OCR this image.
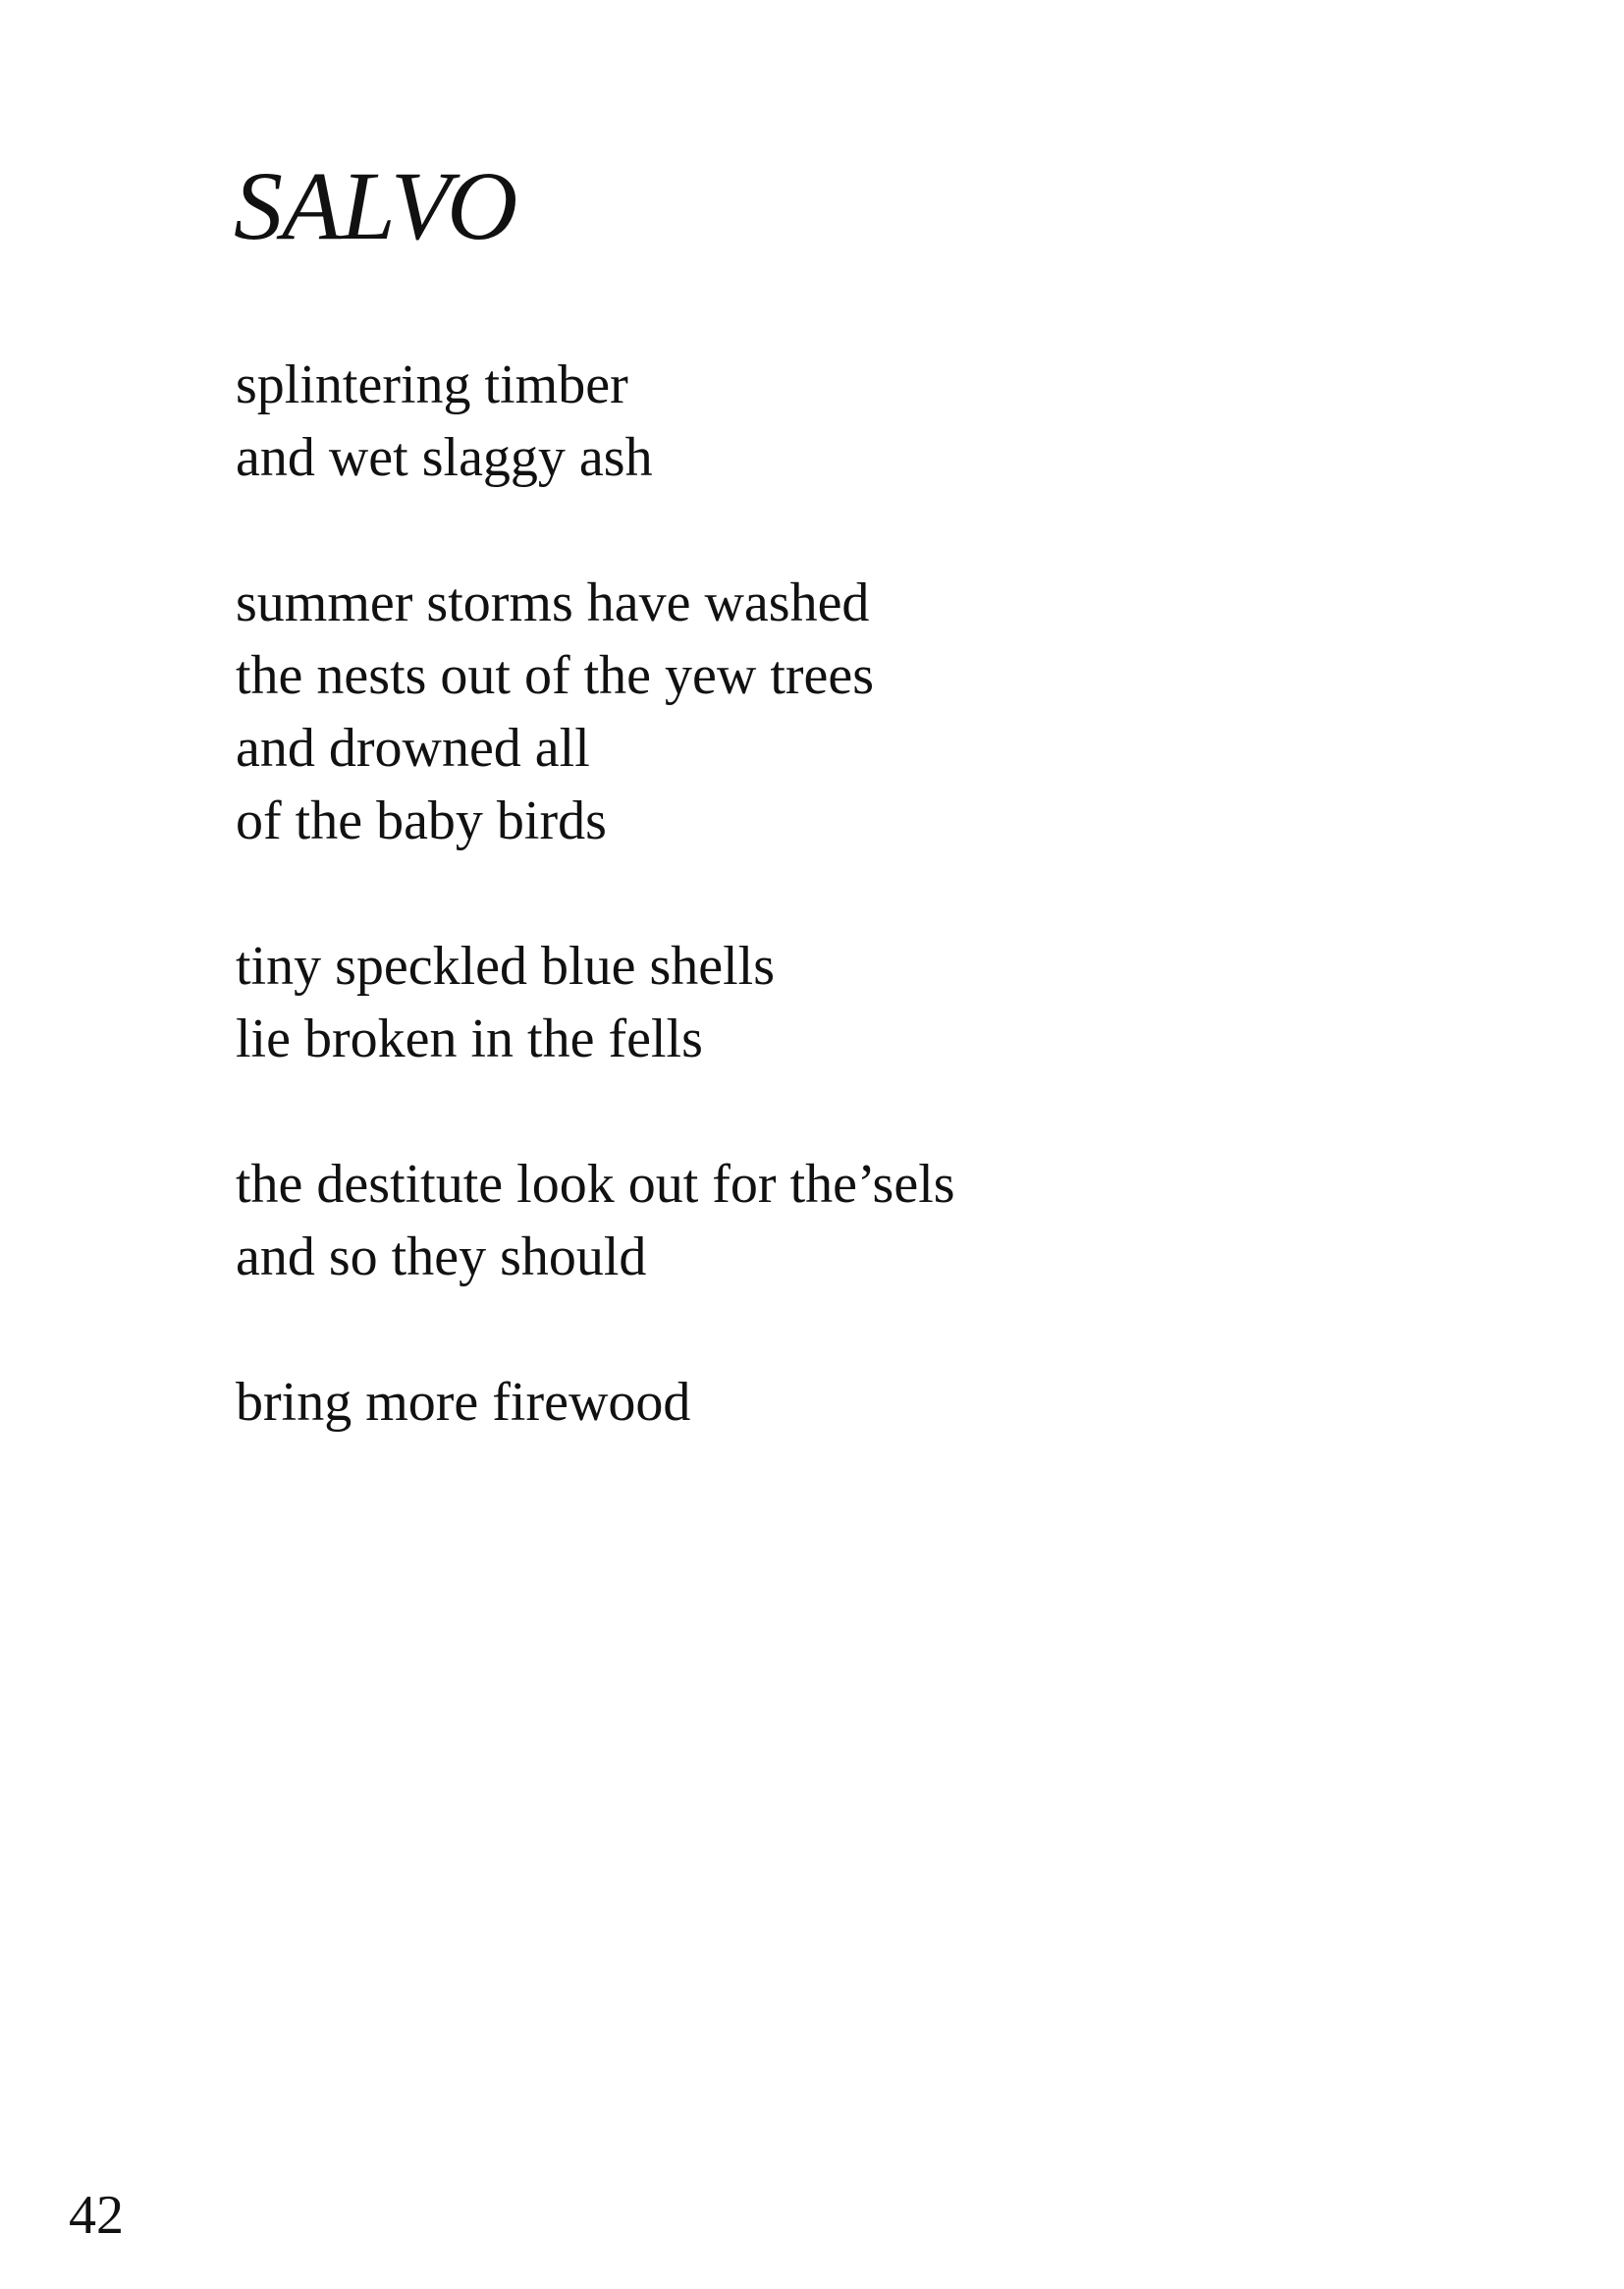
SALVO
splintering timber
and wet slaggy ash
summer storms have washed
the nests out of the yew trees
and drowned all
of the baby birds
tiny speckled blue shells
lie broken in the fells
the destitute look out for the’sels
and so they should
bring more firewood
42
